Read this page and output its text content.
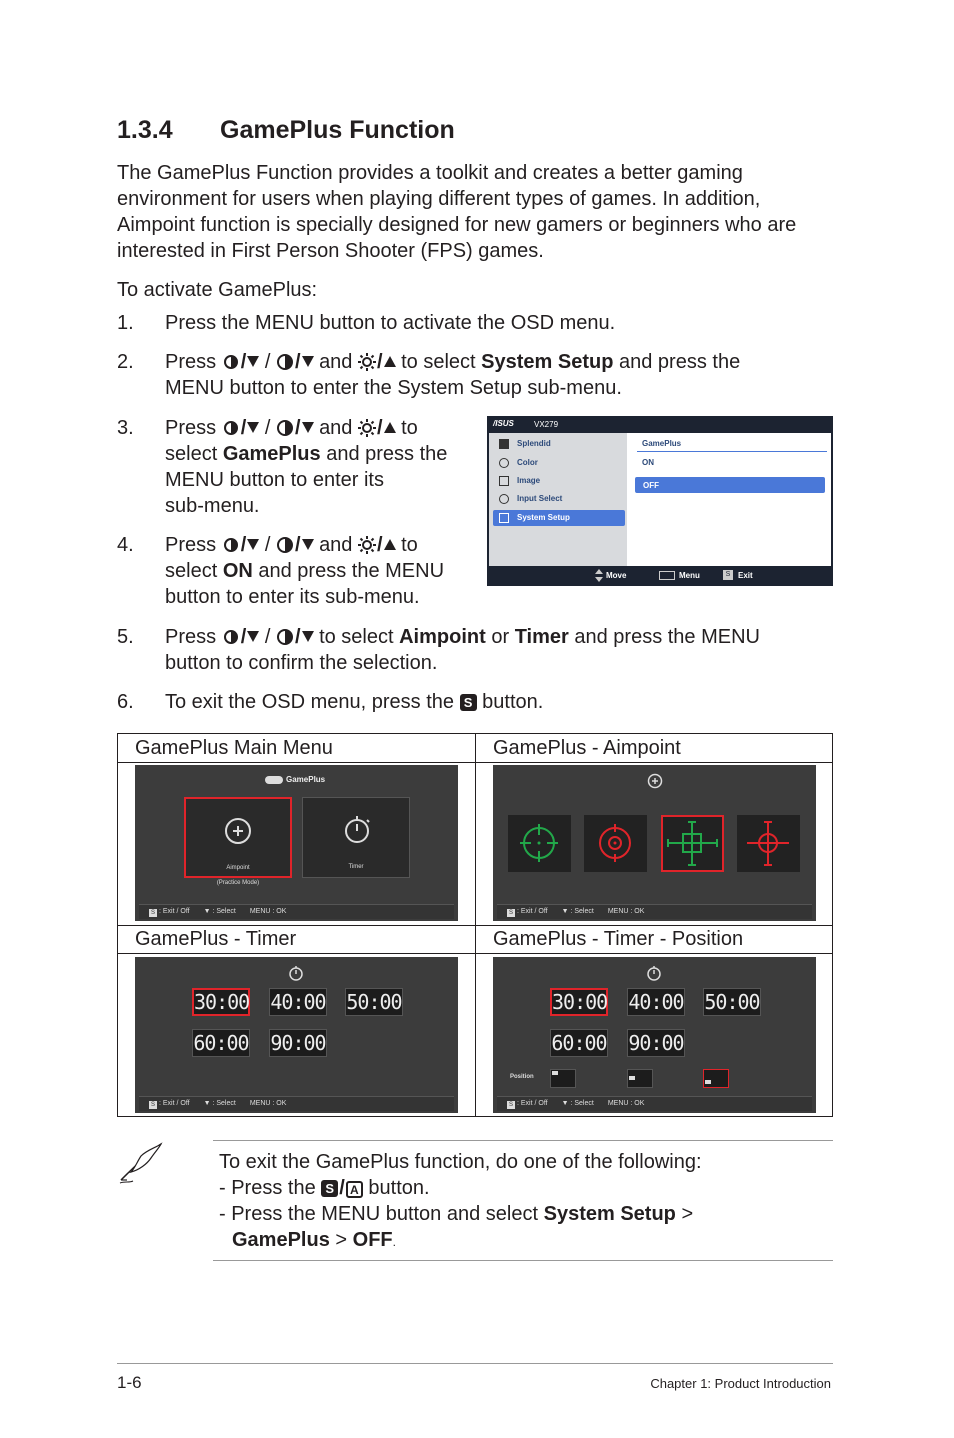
1.3.4 GamePlus Function
The GamePlus Function provides a toolkit and creates a better gaming environment for users when playing different types of games. In addition, Aimpoint function is specially designed for new gamers or beginners who are interested in First Person Shooter (FPS) games.
To activate GamePlus:
1. Press the MENU button to activate the OSD menu.
2. Press / / / and / to select System Setup and press the
MENU button to enter the System Setup sub-menu.
3. Press / / / and / to
select GamePlus and press the
MENU button to enter its
sub-menu.
4. Press / / / and / to
select ON and press the MENU
button to enter its sub-menu.
/ISUS	VX279
Splendid
Color
Image
Input Select
System Setup
GamePlus
ON
OFF
Move	Menu	S Exit
5. Press / / / to select Aimpoint or Timer and press the MENU
button to confirm the selection.
6. To exit the OSD menu, press the S button.
GamePlus Main Menu	GamePlus - Aimpoint
GamePlus - Timer	GamePlus - Timer - Position
GamePlus
Aimpoint
(Practice Mode)
Timer
S : Exit / Off ▼ : Select MENU : OK	S : Exit / Off ▼ : Select MENU : OK
30:00 40:00 50:00
60:00 90:00
S : Exit / Off ▼ : Select MENU : OK
30:00 40:00 50:00
60:00 90:00
Position
S : Exit / Off ▼ : Select MENU : OK
To exit the GamePlus function, do one of the following:
- Press the S / A button.
- Press the MENU button and select System Setup >
GamePlus > OFF.
1-6	Chapter 1: Product Introduction
